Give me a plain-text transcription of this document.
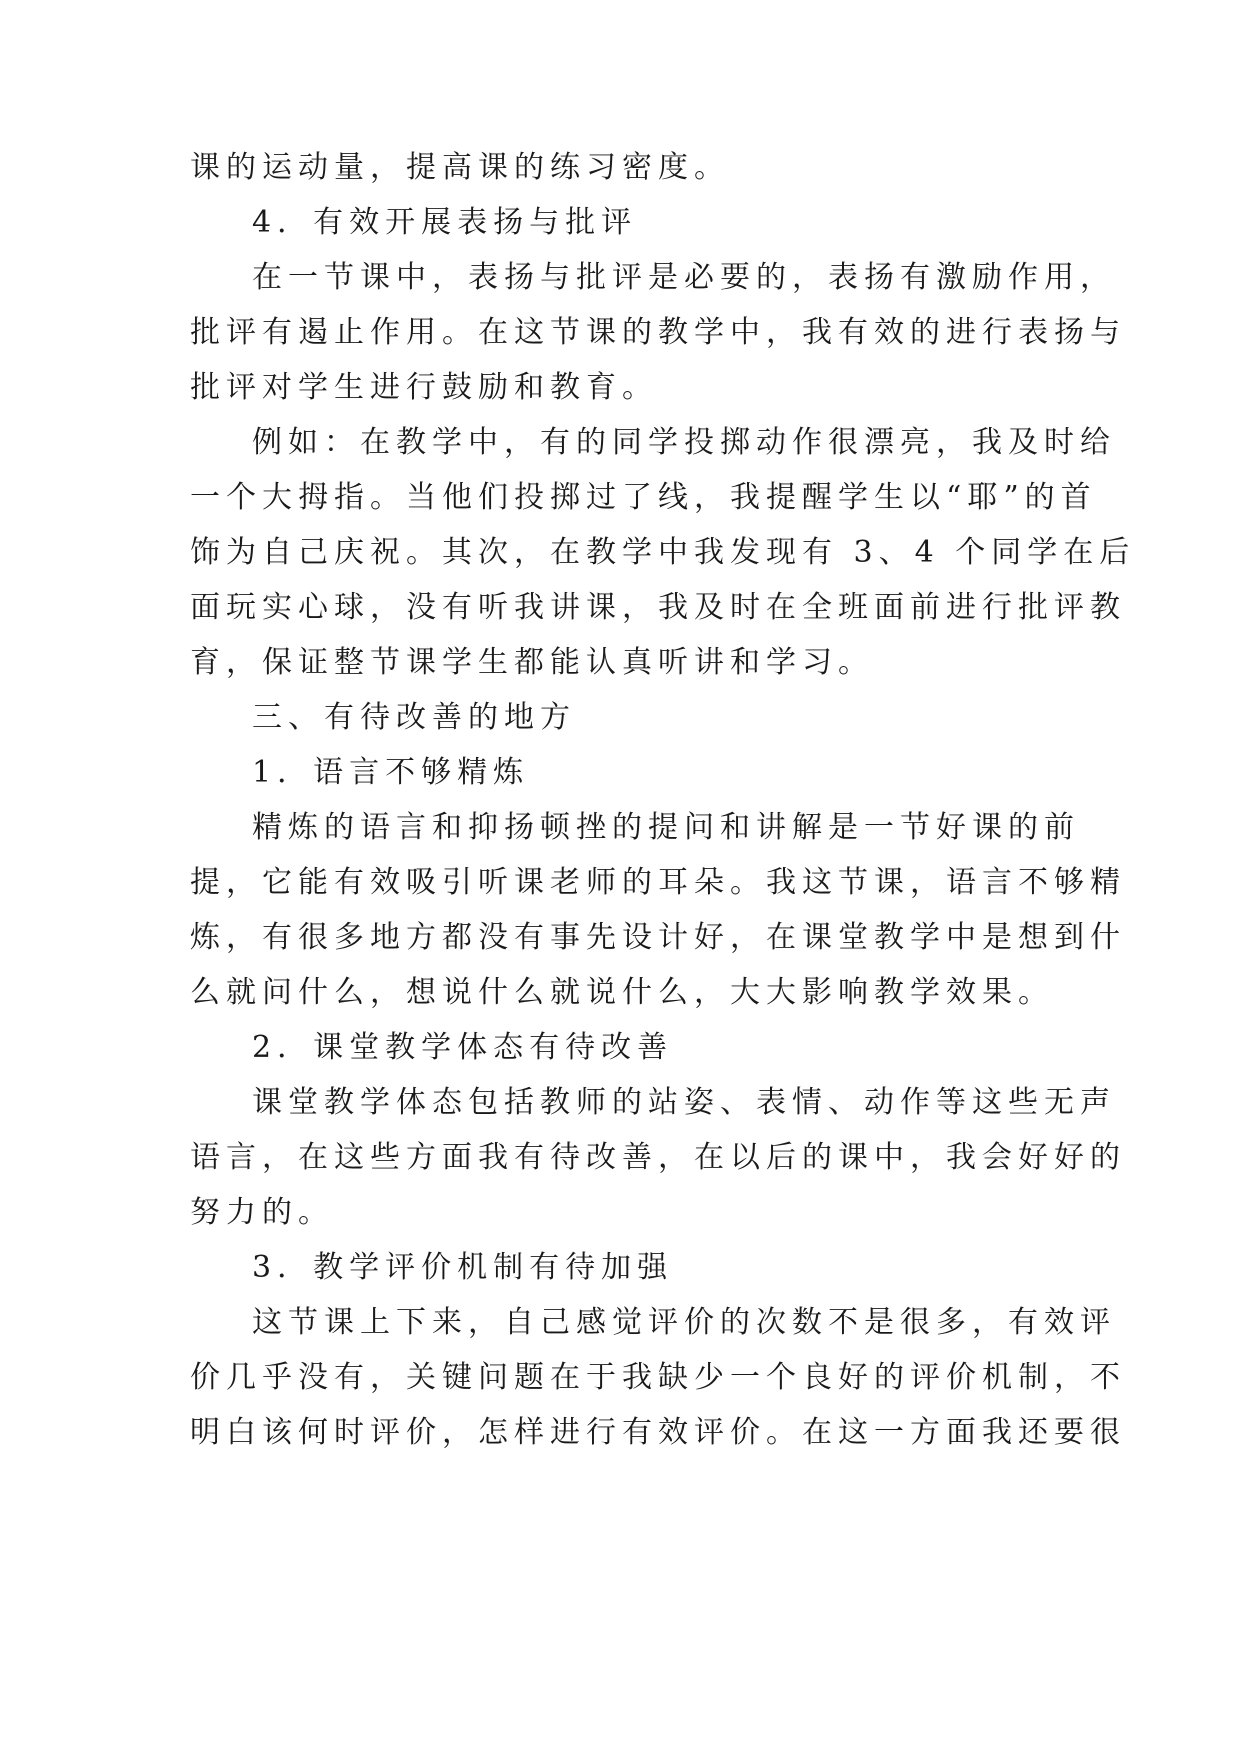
课的运动量，提高课的练习密度。
4．有效开展表扬与批评
在一节课中，表扬与批评是必要的，表扬有激励作用，
批评有遏止作用。在这节课的教学中，我有效的进行表扬与
批评对学生进行鼓励和教育。
例如：在教学中，有的同学投掷动作很漂亮，我及时给
一个大拇指。当他们投掷过了线，我提醒学生以“耶”的首
饰为自己庆祝。其次，在教学中我发现有 3、4 个同学在后
面玩实心球，没有听我讲课，我及时在全班面前进行批评教
育，保证整节课学生都能认真听讲和学习。
三、有待改善的地方
1．语言不够精炼
精炼的语言和抑扬顿挫的提问和讲解是一节好课的前
提，它能有效吸引听课老师的耳朵。我这节课，语言不够精
炼，有很多地方都没有事先设计好，在课堂教学中是想到什
么就问什么，想说什么就说什么，大大影响教学效果。
2．课堂教学体态有待改善
课堂教学体态包括教师的站姿、表情、动作等这些无声
语言，在这些方面我有待改善，在以后的课中，我会好好的
努力的。
3．教学评价机制有待加强
这节课上下来，自己感觉评价的次数不是很多，有效评
价几乎没有，关键问题在于我缺少一个良好的评价机制，不
明白该何时评价，怎样进行有效评价。在这一方面我还要很
